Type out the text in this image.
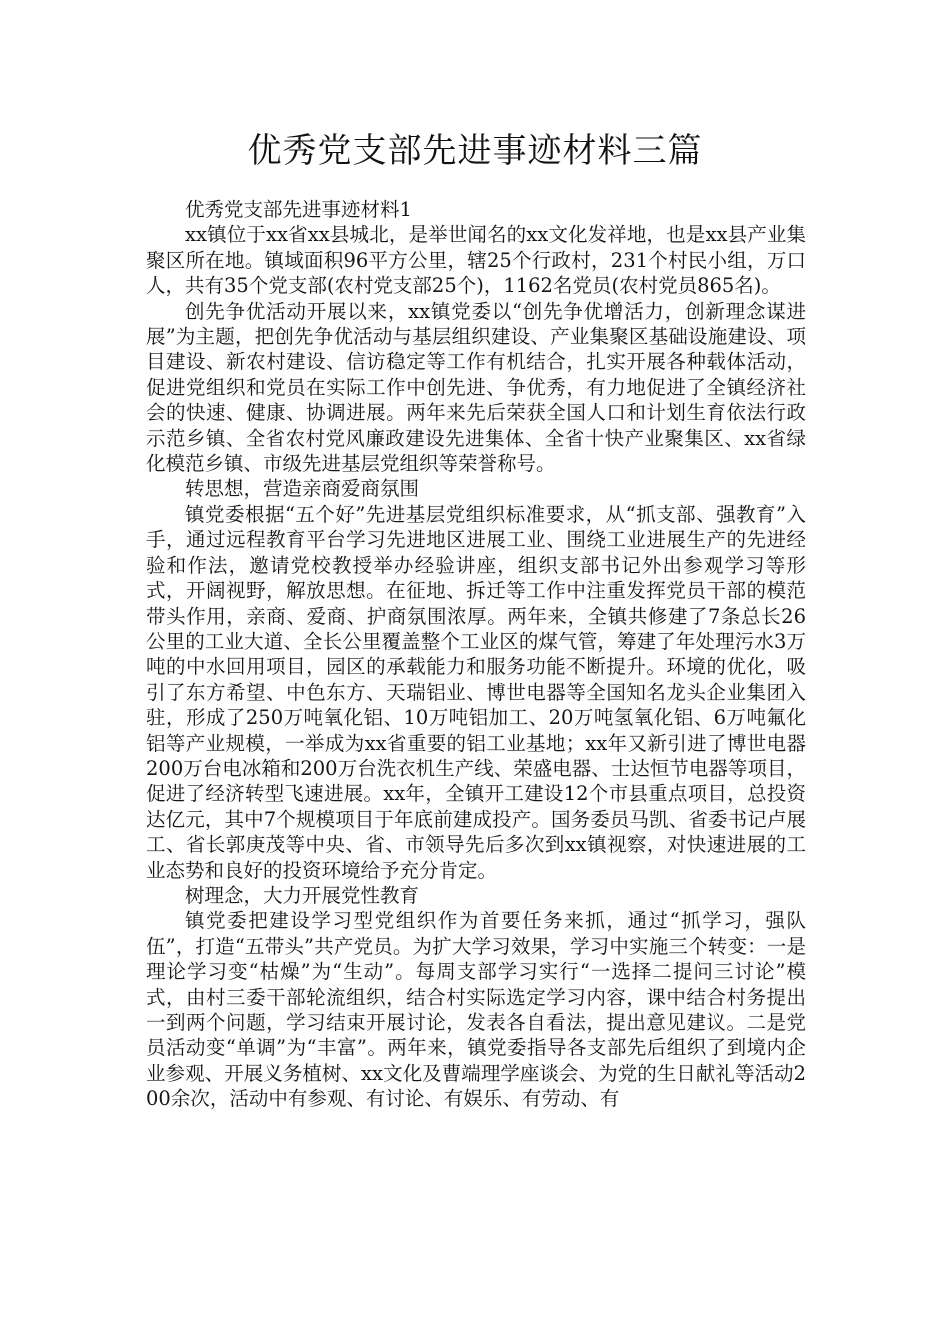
优秀党支部先进事迹材料三篇

优秀党支部先进事迹材料1

xx镇位于xx省xx县城北，是举世闻名的xx文化发祥地，也是xx县产业集聚区所在地。镇域面积96平方公里，辖25个行政村，231个村民小组，万口人，共有35个党支部(农村党支部25个)，1162名党员(农村党员865名)。

创先争优活动开展以来，xx镇党委以“创先争优增活力，创新理念谋进展”为主题，把创先争优活动与基层组织建设、产业集聚区基础设施建设、项目建设、新农村建设、信访稳定等工作有机结合，扎实开展各种载体活动，促进党组织和党员在实际工作中创先进、争优秀，有力地促进了全镇经济社会的快速、健康、协调进展。两年来先后荣获全国人口和计划生育依法行政示范乡镇、全省农村党风廉政建设先进集体、全省十快产业聚集区、xx省绿化模范乡镇、市级先进基层党组织等荣誉称号。

转思想，营造亲商爱商氛围

镇党委根据“五个好”先进基层党组织标准要求，从“抓支部、强教育”入手，通过远程教育平台学习先进地区进展工业、围绕工业进展生产的先进经验和作法，邀请党校教授举办经验讲座，组织支部书记外出参观学习等形式，开阔视野，解放思想。在征地、拆迁等工作中注重发挥党员干部的模范带头作用，亲商、爱商、护商氛围浓厚。两年来，全镇共修建了7条总长26公里的工业大道、全长公里覆盖整个工业区的煤气管，筹建了年处理污水3万吨的中水回用项目，园区的承载能力和服务功能不断提升。环境的优化，吸引了东方希望、中色东方、天瑞铝业、博世电器等全国知名龙头企业集团入驻，形成了250万吨氧化铝、10万吨铝加工、20万吨氢氧化铝、6万吨氟化铝等产业规模，一举成为xx省重要的铝工业基地；xx年又新引进了博世电器200万台电冰箱和200万台洗衣机生产线、荣盛电器、士达恒节电器等项目，促进了经济转型飞速进展。xx年，全镇开工建设12个市县重点项目，总投资达亿元，其中7个规模项目于年底前建成投产。国务委员马凯、省委书记卢展工、省长郭庚茂等中央、省、市领导先后多次到xx镇视察，对快速进展的工业态势和良好的投资环境给予充分肯定。

树理念，大力开展党性教育

镇党委把建设学习型党组织作为首要任务来抓，通过“抓学习，强队伍”，打造“五带头”共产党员。为扩大学习效果，学习中实施三个转变：一是理论学习变“枯燥”为“生动”。每周支部学习实行“一选择二提问三讨论”模式，由村三委干部轮流组织，结合村实际选定学习内容，课中结合村务提出一到两个问题，学习结束开展讨论，发表各自看法，提出意见建议。二是党员活动变“单调”为“丰富”。两年来，镇党委指导各支部先后组织了到境内企业参观、开展义务植树、xx文化及曹端理学座谈会、为党的生日献礼等活动200余次，活动中有参观、有讨论、有娱乐、有劳动、有
